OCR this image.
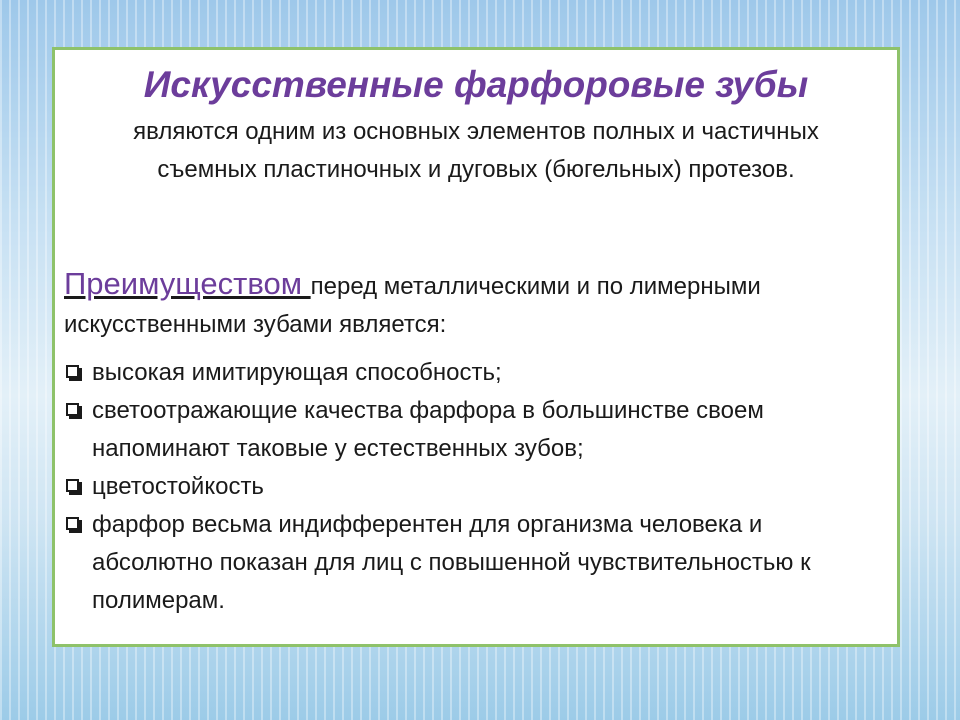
Искусственные фарфоровые зубы

являются одним из основных элементов полных и частичных съемных пластиночных и дуговых (бюгельных) протезов.

Преимуществом перед металлическими и по лимерными искусственными зубами является:

высокая имитирующая способность;
светоотражающие качества фарфора в большинстве своем напоминают таковые у естественных зубов;
цветостойкость
фарфор весьма индифферентен для организма человека и абсолютно показан для лиц с повышенной чувствительностью к полимерам.
